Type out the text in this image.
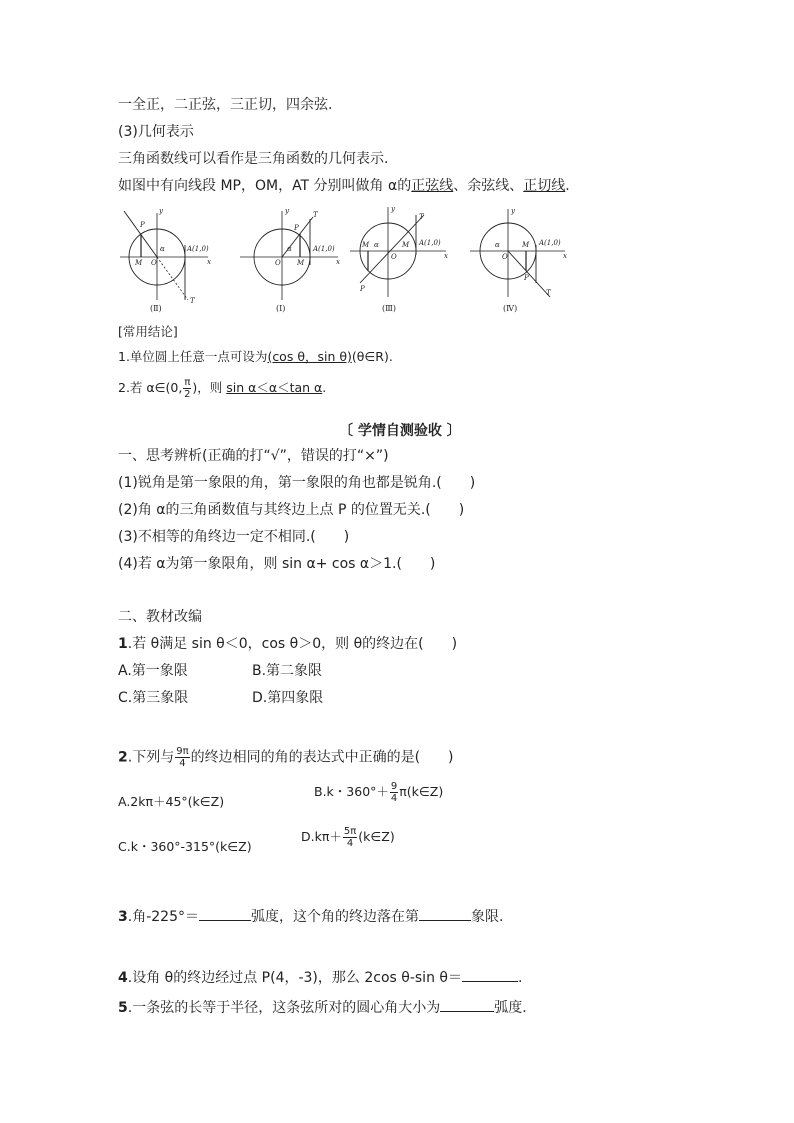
一全正，二正弦，三正切，四余弦.
(3)几何表示
三角函数线可以看作是三角函数的几何表示.
如图中有向线段 MP，OM，AT 分别叫做角 α的正弦线、余弦线、正切线.
y
x
O
M
P
T
α	A(1,0)
y
x
O M
P
T
α	A(1,0)
y
x
O
M
P
T
α	M A(1,0)
y
x
O
M
P
T
α	A(1,0)
(Ⅱ)	(Ⅰ)	(Ⅲ)	(Ⅳ)
[常用结论]
1.单位圆上任意一点可设为(cos θ，sin θ)(θ∈R).
2.若 α∈(0, $\frac{\pi}{2}$ )，则 sin α＜α＜tan α.
〔 学情自测验收 〕
一、思考辨析(正确的打“√”，错误的打“×”)
(1)锐角是第一象限的角，第一象限的角也都是锐角.(　　)
(2)角 α的三角函数值与其终边上点 P 的位置无关.(　　)
(3)不相等的角终边一定不相同.(　　)
(4)若 α为第一象限角，则 sin α+ cos α＞1.(　　)
二、教材改编
1.若 θ满足 sin θ＜0，cos θ＞0，则 θ的终边在(　　)
A.第一象限	B.第二象限
C.第三象限	D.第四象限
2.下列与 $\frac{9\pi}{4}$ 的终边相同的角的表达式中正确的是(　　)
A.2kπ＋45°(k∈Z)
B.k・$360^\circ+ \frac{9}{4}$ π(k∈Z)
C.k・360°-315°(k∈Z)
$D.k\pi+ \frac{5\pi}{4}$ (k∈Z)
3.角-225°＝	弧度，这个角的终边落在第	象限.
4.设角 θ的终边经过点 P(4，-3)，那么 2cos θ-sin θ＝	.
5.一条弦的长等于半径，这条弦所对的圆心角大小为	弧度.
